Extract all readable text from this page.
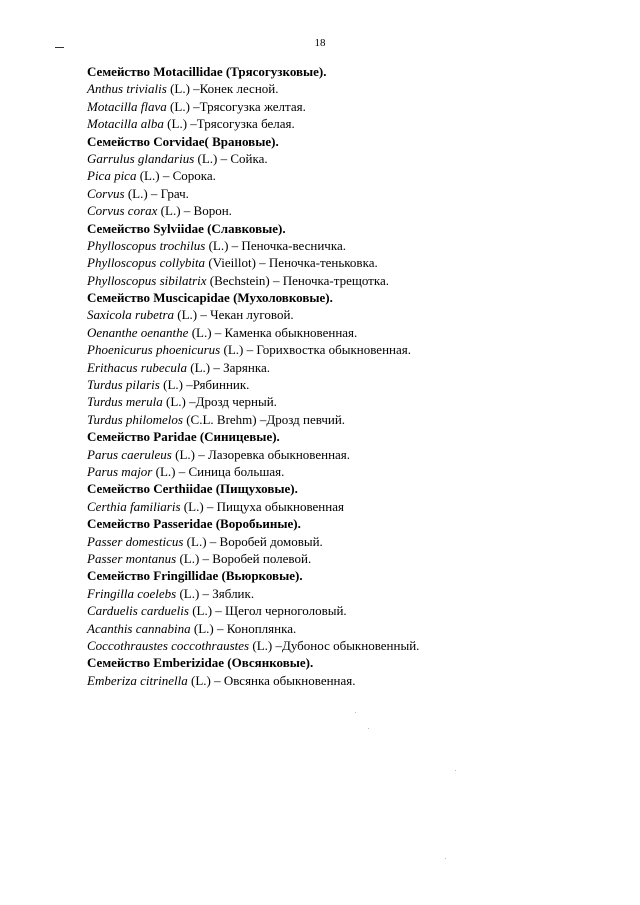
18
Семейство Motacillidae (Трясогузковые).
Anthus trivialis (L.) –Конек лесной.
Motacilla flava (L.) –Трясогузка желтая.
Motacilla alba (L.) –Трясогузка белая.
Семейство Corvidae( Врановые).
Garrulus glandarius (L.) – Сойка.
Pica pica (L.) – Сорока.
Corvus (L.) – Грач.
Corvus corax (L.) – Ворон.
Семейство Sylviidae (Славковые).
Phylloscopus trochilus (L.) – Пеночка-весничка.
Phylloscopus collybita (Vieillot) – Пеночка-теньковка.
Phylloscopus sibilatrix (Bechstein) – Пеночка-трещотка.
Семейство Muscicapidae (Мухоловковые).
Saxicola rubetra (L.) – Чекан луговой.
Oenanthe oenanthe (L.) – Каменка обыкновенная.
Phoenicurus phoenicurus (L.) – Горихвостка обыкновенная.
Erithacus rubecula (L.) – Зарянка.
Turdus pilaris (L.) –Рябинник.
Turdus merula (L.) –Дрозд черный.
Turdus philomelos (C.L. Brehm) –Дрозд певчий.
Семейство Paridae (Синицевые).
Parus caeruleus (L.) – Лазоревка обыкновенная.
Parus major (L.) – Синица большая.
Семейство Certhiidae (Пищуховые).
Certhia familiaris (L.) – Пищуха обыкновенная
Семейство Passeridae (Воробьиные).
Passer domesticus (L.) – Воробей домовый.
Passer montanus (L.) – Воробей полевой.
Семейство Fringillidae (Вьюрковые).
Fringilla coelebs (L.) – Зяблик.
Carduelis carduelis (L.) – Щегол черноголовый.
Acanthis cannabina (L.) – Коноплянка.
Coccothraustes coccothraustes (L.) –Дубонос обыкновенный.
Семейство Emberizidae (Овсянковые).
Emberiza citrinella (L.) – Овсянка обыкновенная.
